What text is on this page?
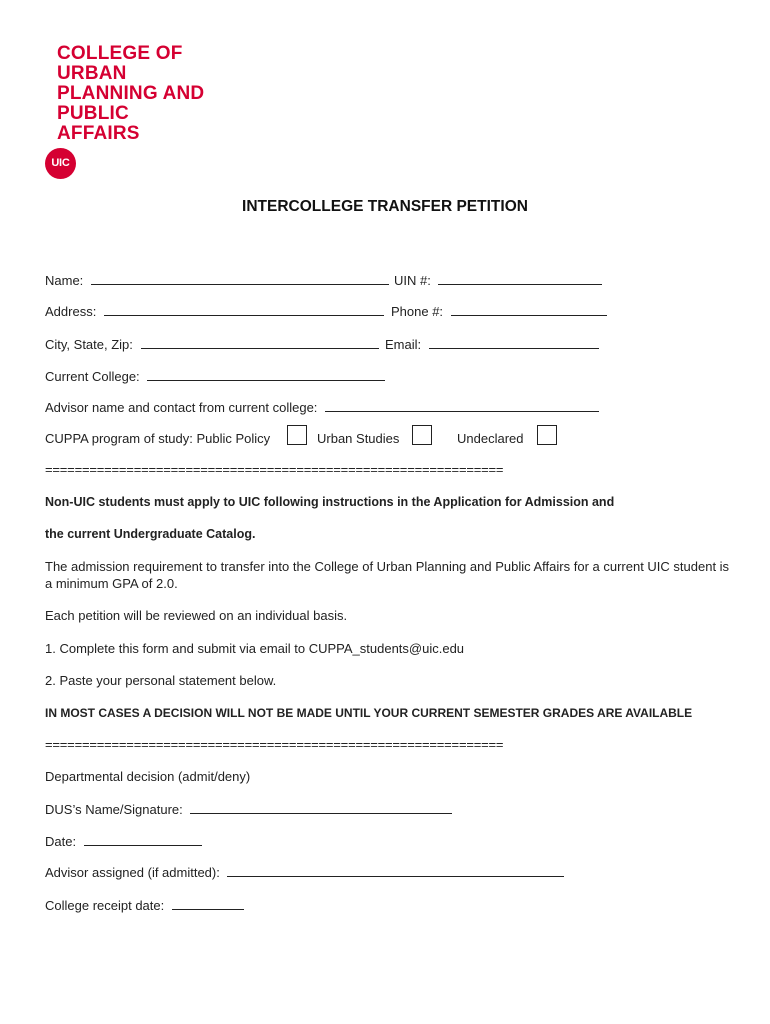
COLLEGE OF
URBAN
PLANNING AND
PUBLIC
AFFAIRS
UIC
INTERCOLLEGE TRANSFER PETITION
Name:	UIN #:
Address:	Phone #:
City, State, Zip:	Email:
Current College:
Advisor name and contact from current college:
CUPPA program of study: Public Policy	Urban Studies	Undeclared
==============================================================
Non-UIC students must apply to UIC following instructions in the Application for Admission and
the current Undergraduate Catalog.
The admission requirement to transfer into the College of Urban Planning and Public Affairs for a current UIC student is a minimum GPA of 2.0.
Each petition will be reviewed on an individual basis.
1. Complete this form and submit via email to CUPPA_students@uic.edu
2. Paste your personal statement below.
IN MOST CASES A DECISION WILL NOT BE MADE UNTIL YOUR CURRENT SEMESTER GRADES ARE AVAILABLE
==============================================================
Departmental decision (admit/deny)
DUS’s Name/Signature:
Date:
Advisor assigned (if admitted):
College receipt date:
